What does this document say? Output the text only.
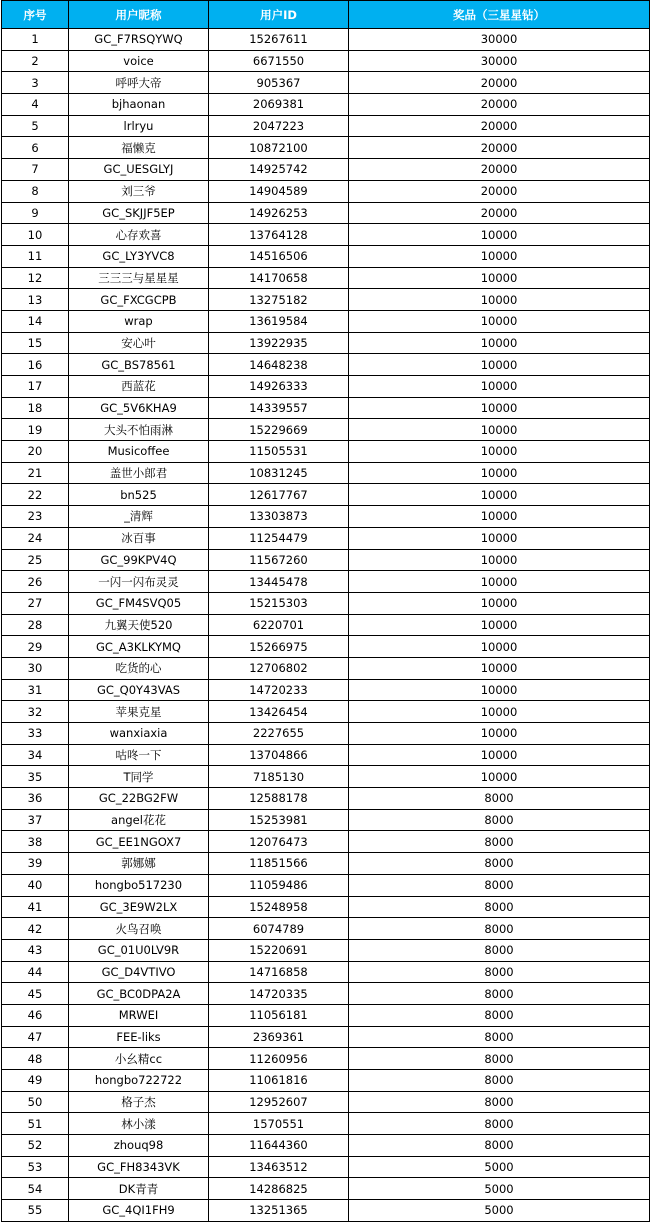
序号	用户昵称	用户ID	奖品（三星星钻）
1	GC_F7RSQYWQ	15267611	30000
2	voice	6671550	30000
3	呼呼大帝	905367	20000
4	bjhaonan	2069381	20000
5	lrlryu	2047223	20000
6	福懒克	10872100	20000
7	GC_UESGLYJ	14925742	20000
8	刘三爷	14904589	20000
9	GC_SKJJF5EP	14926253	20000
10	心存欢喜	13764128	10000
11	GC_LY3YVC8	14516506	10000
12	三三三与星星星	14170658	10000
13	GC_FXCGCPB	13275182	10000
14	wrap	13619584	10000
15	安心叶	13922935	10000
16	GC_BS78561	14648238	10000
17	西蓝花	14926333	10000
18	GC_5V6KHA9	14339557	10000
19	大头不怕雨淋	15229669	10000
20	Musicoffee	11505531	10000
21	盖世小郎君	10831245	10000
22	bn525	12617767	10000
23	_清辉	13303873	10000
24	冰百事	11254479	10000
25	GC_99KPV4Q	11567260	10000
26	一闪一闪布灵灵	13445478	10000
27	GC_FM4SVQ05	15215303	10000
28	九翼天使520	6220701	10000
29	GC_A3KLKYMQ	15266975	10000
30	吃货的心	12706802	10000
31	GC_Q0Y43VAS	14720233	10000
32	苹果克星	13426454	10000
33	wanxiaxia	2227655	10000
34	咕咚一下	13704866	10000
35	T同学	7185130	10000
36	GC_22BG2FW	12588178	8000
37	angel花花	15253981	8000
38	GC_EE1NGOX7	12076473	8000
39	郭娜娜	11851566	8000
40	hongbo517230	11059486	8000
41	GC_3E9W2LX	15248958	8000
42	火鸟召唤	6074789	8000
43	GC_01U0LV9R	15220691	8000
44	GC_D4VTIVO	14716858	8000
45	GC_BC0DPA2A	14720335	8000
46	MRWEI	11056181	8000
47	FEE-liks	2369361	8000
48	小幺精cc	11260956	8000
49	hongbo722722	11061816	8000
50	格子杰	12952607	8000
51	林小漾	1570551	8000
52	zhouq98	11644360	8000
53	GC_FH8343VK	13463512	5000
54	DK青青	14286825	5000
55	GC_4QI1FH9	13251365	5000
